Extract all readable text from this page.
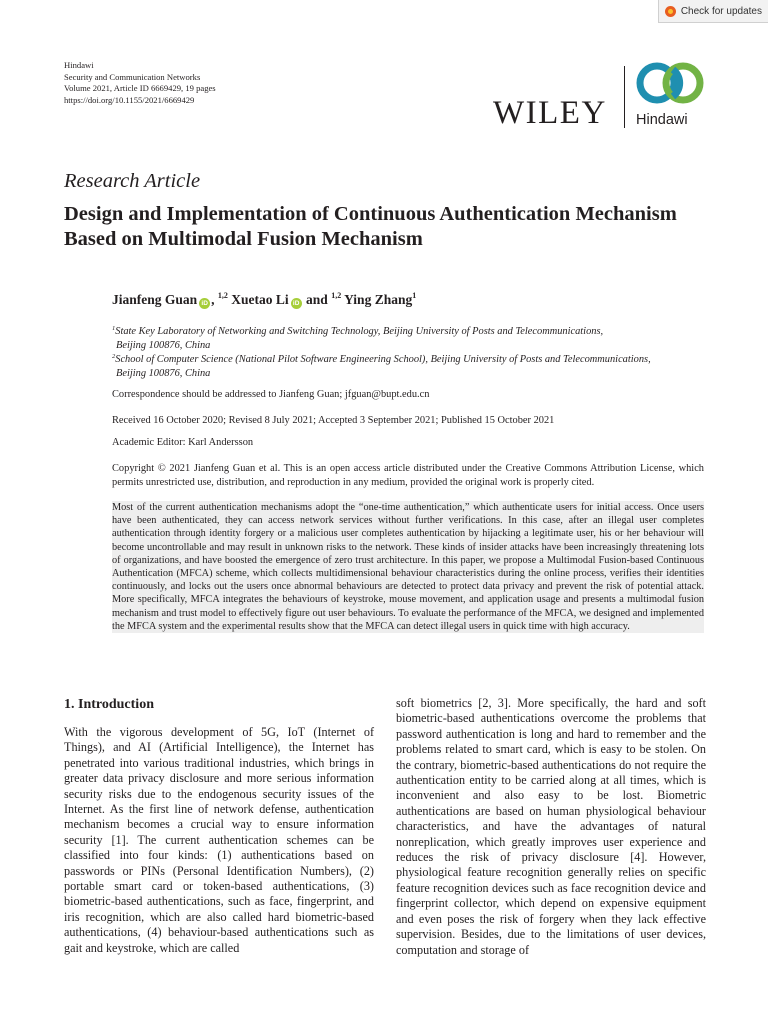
Check for updates
Hindawi
Security and Communication Networks
Volume 2021, Article ID 6669429, 19 pages
https://doi.org/10.1155/2021/6669429	WILEY Hindawi
Research Article
Design and Implementation of Continuous Authentication Mechanism Based on Multimodal Fusion Mechanism
Jianfeng Guan iD , $^{1,2}$ Xuetao Li iD and $^{1,2}$ Ying Zhang$^1$
$^1$State Key Laboratory of Networking and Switching Technology, Beijing University of Posts and Telecommunications,
Beijing 100876, China
$^2$School of Computer Science (National Pilot Software Engineering School), Beijing University of Posts and Telecommunications,
Beijing 100876, China
Correspondence should be addressed to Jianfeng Guan; jfguan@bupt.edu.cn
Received 16 October 2020; Revised 8 July 2021; Accepted 3 September 2021; Published 15 October 2021
Academic Editor: Karl Andersson
Copyright © 2021 Jianfeng Guan et al. This is an open access article distributed under the Creative Commons Attribution License, which permits unrestricted use, distribution, and reproduction in any medium, provided the original work is properly cited.

Most of the current authentication mechanisms adopt the “one-time authentication,” which authenticate users for initial access. Once users have been authenticated, they can access network services without further verifications. In this case, after an illegal user completes authentication through identity forgery or a malicious user completes authentication by hijacking a legitimate user, his or her behaviour will become uncontrollable and may result in unknown risks to the network. These kinds of insider attacks have been increasingly threatening lots of organizations, and have boosted the emergence of zero trust architecture. In this paper, we propose a Multimodal Fusion-based Continuous Authentication (MFCA) scheme, which collects multidimensional behaviour characteristics during the online process, verifies their identities continuously, and locks out the users once abnormal behaviours are detected to protect data privacy and prevent the risk of potential attack. More specifically, MFCA integrates the behaviours of keystroke, mouse movement, and application usage and presents a multimodal fusion mechanism and trust model to effectively figure out user behaviours. To evaluate the performance of the MFCA, we designed and implemented the MFCA system and the experimental results show that the MFCA can detect illegal users in quick time with high accuracy.

1. Introduction

With the vigorous development of 5G, IoT (Internet of Things), and AI (Artificial Intelligence), the Internet has penetrated into various traditional industries, which brings in greater data privacy disclosure and more serious information security risks due to the endogenous security issues of the Internet. As the first line of network defense, authentication mechanism becomes a crucial way to ensure information security [1]. The current authentication schemes can be classified into four kinds: (1) authentications based on passwords or PINs (Personal Identification Numbers), (2) portable smart card or token-based authentications, (3) biometric-based authentications, such as face, fingerprint, and iris recognition, which are also called hard biometric-based authentications, (4) behaviour-based authentications such as gait and keystroke, which are called

soft biometrics [2, 3]. More specifically, the hard and soft biometric-based authentications overcome the problems that password authentication is long and hard to remember and the problems related to smart card, which is easy to be stolen. On the contrary, biometric-based authentications do not require the authentication entity to be carried along at all times, which is inconvenient and also easy to be lost. Biometric authentications are based on human physiological behaviour characteristics, and have the advantages of natural nonreplication, which greatly improves user experience and reduces the risk of privacy disclosure [4]. However, physiological feature recognition generally relies on specific feature recognition devices such as face recognition device and fingerprint collector, which depend on expensive equipment and even poses the risk of forgery when they lack effective supervision. Besides, due to the limitations of user devices, computation and storage of
